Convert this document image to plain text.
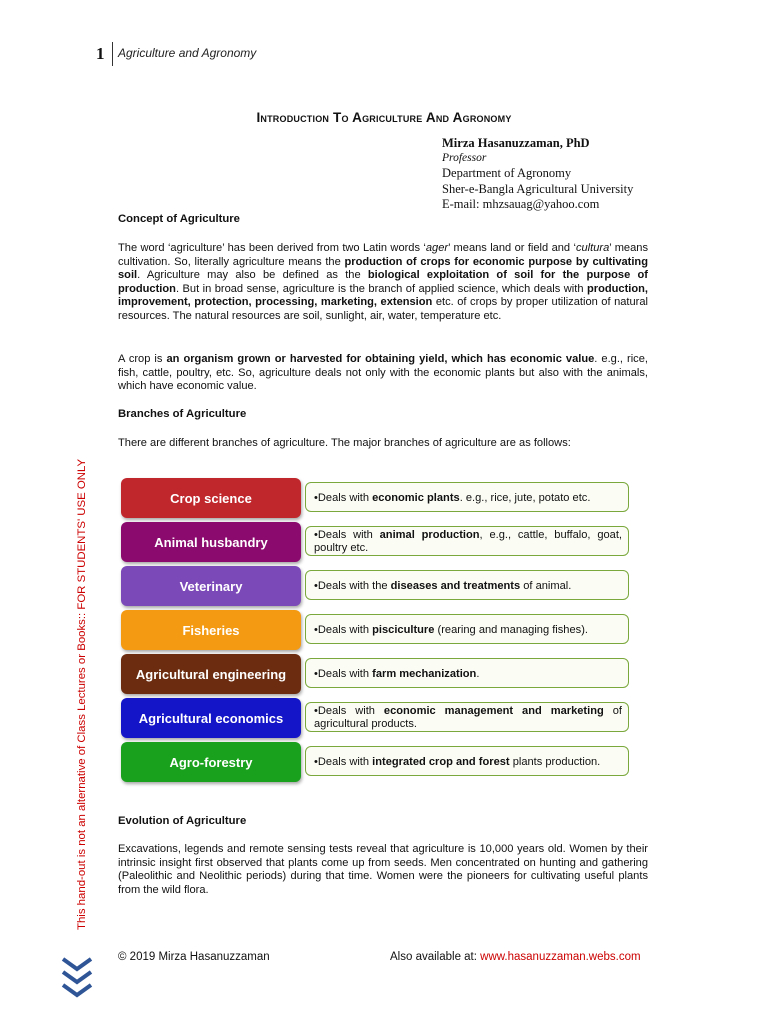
1 Agriculture and Agronomy
Introduction To Agriculture And Agronomy
Mirza Hasanuzzaman, PhD
Professor
Department of Agronomy
Sher-e-Bangla Agricultural University
E-mail: mhzsauag@yahoo.com
Concept of Agriculture
The word ‘agriculture’ has been derived from two Latin words ‘ager’ means land or field and ‘cultura’ means cultivation. So, literally agriculture means the production of crops for economic purpose by cultivating soil. Agriculture may also be defined as the biological exploitation of soil for the purpose of production. But in broad sense, agriculture is the branch of applied science, which deals with production, improvement, protection, processing, marketing, extension etc. of crops by proper utilization of natural resources. The natural resources are soil, sunlight, air, water, temperature etc.
A crop is an organism grown or harvested for obtaining yield, which has economic value. e.g., rice, fish, cattle, poultry, etc. So, agriculture deals not only with the economic plants but also with the animals, which have economic value.
Branches of Agriculture
There are different branches of agriculture. The major branches of agriculture are as follows:
Crop science	•Deals with economic plants. e.g., rice, jute, potato etc.
Animal husbandry	•Deals with animal production, e.g., cattle, buffalo, goat, poultry etc.
Veterinary	•Deals with the diseases and treatments of animal.
Fisheries	•Deals with pisciculture (rearing and managing fishes).
Agricultural engineering	•Deals with farm mechanization.
Agricultural economics	•Deals with economic management and marketing of agricultural products.
Agro-forestry	•Deals with integrated crop and forest plants production.
Evolution of Agriculture
Excavations, legends and remote sensing tests reveal that agriculture is 10,000 years old. Women by their intrinsic insight first observed that plants come up from seeds. Men concentrated on hunting and gathering (Paleolithic and Neolithic periods) during that time. Women were the pioneers for cultivating useful plants from the wild flora.
This hand-out is not an alternative of Class Lectures or Books:: FOR STUDENTS' USE ONLY
© 2019 Mirza Hasanuzzaman	Also available at: www.hasanuzzaman.webs.com
